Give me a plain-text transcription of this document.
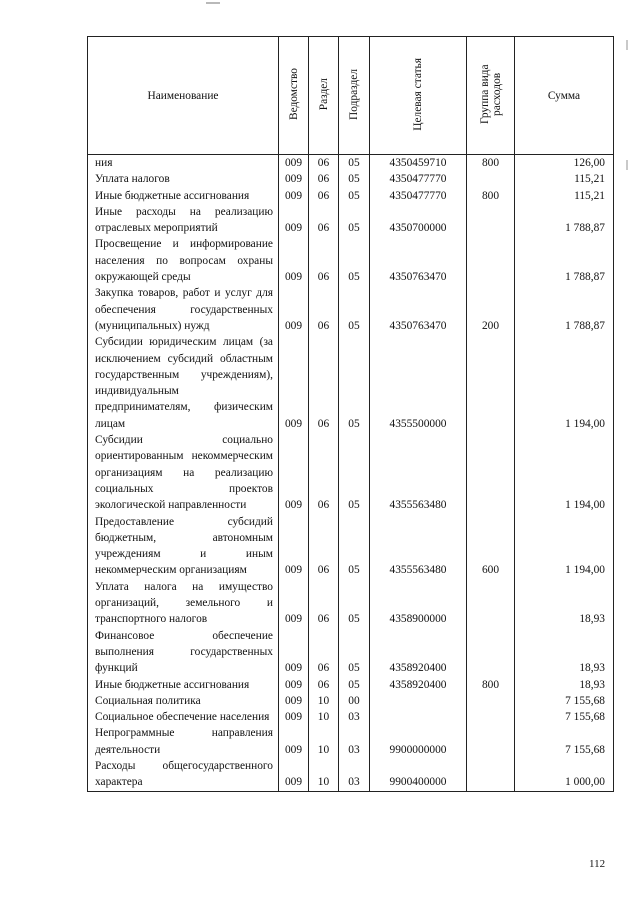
Наименование	Ведомство	Раздел	Подраздел	Целевая статья	Группа вида расходов	Сумма
ния	009	06	05	4350459710	800	126,00
Уплата налогов	009	06	05	4350477770		115,21
Иные бюджетные ассигнования	009	06	05	4350477770	800	115,21
Иные расходы на реализацию отраслевых мероприятий	009	06	05	4350700000		1 788,87
Просвещение и информирование населения по вопросам охраны окружающей среды	009	06	05	4350763470		1 788,87
Закупка товаров, работ и услуг для обеспечения государственных (муниципальных) нужд	009	06	05	4350763470	200	1 788,87
Субсидии юридическим лицам (за исключением субсидий областным государственным учреждениям), индивидуальным предпринимателям, физическим лицам	009	06	05	4355500000		1 194,00
Субсидии социально ориентированным некоммерческим организациям на реализацию социальных проектов экологической направленности	009	06	05	4355563480		1 194,00
Предоставление субсидий бюджетным, автономным учреждениям и иным некоммерческим организациям	009	06	05	4355563480	600	1 194,00
Уплата налога на имущество организаций, земельного и транспортного налогов	009	06	05	4358900000		18,93
Финансовое обеспечение выполнения государственных функций	009	06	05	4358920400		18,93
Иные бюджетные ассигнования	009	06	05	4358920400	800	18,93
Социальная политика	009	10	00			7 155,68
Социальное обеспечение населения	009	10	03			7 155,68
Непрограммные направления деятельности	009	10	03	9900000000		7 155,68
Расходы общегосударственного характера	009	10	03	9900400000		1 000,00
112
